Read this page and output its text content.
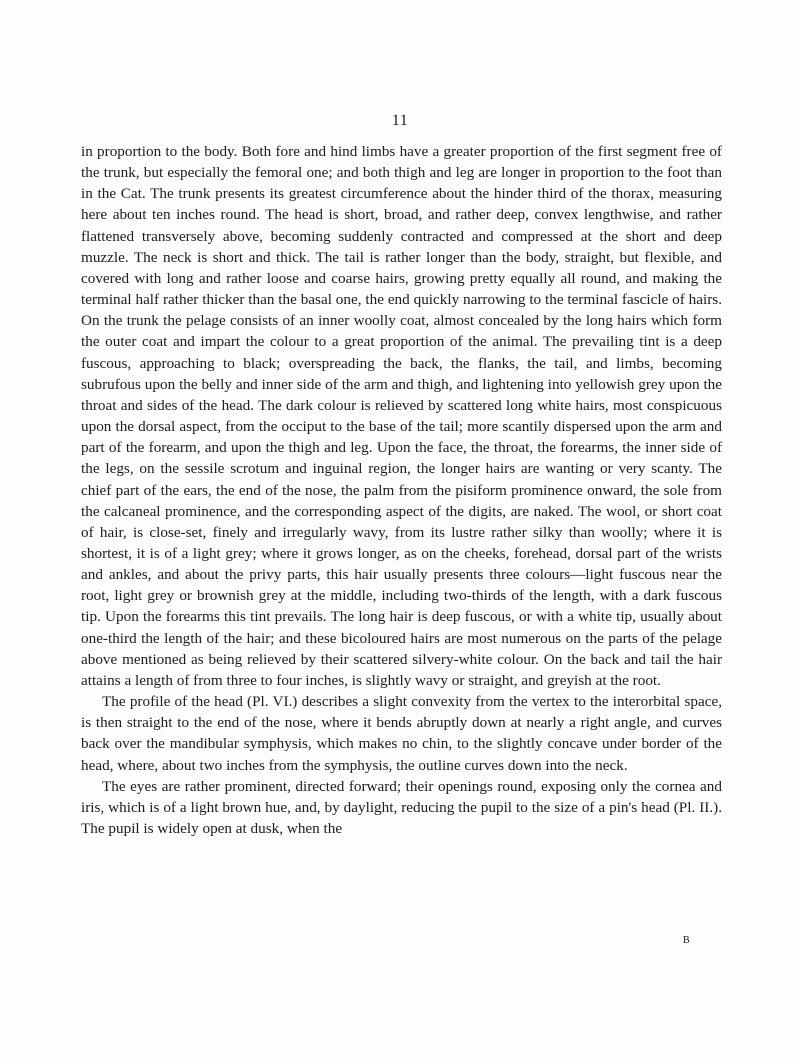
11

in proportion to the body. Both fore and hind limbs have a greater proportion of the first segment free of the trunk, but especially the femoral one; and both thigh and leg are longer in proportion to the foot than in the Cat. The trunk presents its greatest circumference about the hinder third of the thorax, measuring here about ten inches round. The head is short, broad, and rather deep, convex lengthwise, and rather flattened transversely above, becoming suddenly contracted and compressed at the short and deep muzzle. The neck is short and thick. The tail is rather longer than the body, straight, but flexible, and covered with long and rather loose and coarse hairs, growing pretty equally all round, and making the terminal half rather thicker than the basal one, the end quickly narrowing to the terminal fascicle of hairs. On the trunk the pelage consists of an inner woolly coat, almost concealed by the long hairs which form the outer coat and impart the colour to a great proportion of the animal. The prevailing tint is a deep fuscous, approaching to black; overspreading the back, the flanks, the tail, and limbs, becoming subrufous upon the belly and inner side of the arm and thigh, and lightening into yellowish grey upon the throat and sides of the head. The dark colour is relieved by scattered long white hairs, most conspicuous upon the dorsal aspect, from the occiput to the base of the tail; more scantily dispersed upon the arm and part of the forearm, and upon the thigh and leg. Upon the face, the throat, the forearms, the inner side of the legs, on the sessile scrotum and inguinal region, the longer hairs are wanting or very scanty. The chief part of the ears, the end of the nose, the palm from the pisiform prominence onward, the sole from the calcaneal prominence, and the corresponding aspect of the digits, are naked. The wool, or short coat of hair, is close-set, finely and irregularly wavy, from its lustre rather silky than woolly; where it is shortest, it is of a light grey; where it grows longer, as on the cheeks, forehead, dorsal part of the wrists and ankles, and about the privy parts, this hair usually presents three colours—light fuscous near the root, light grey or brownish grey at the middle, including two-thirds of the length, with a dark fuscous tip. Upon the forearms this tint prevails. The long hair is deep fuscous, or with a white tip, usually about one-third the length of the hair; and these bicoloured hairs are most numerous on the parts of the pelage above mentioned as being relieved by their scattered silvery-white colour. On the back and tail the hair attains a length of from three to four inches, is slightly wavy or straight, and greyish at the root.

The profile of the head (Pl. VI.) describes a slight convexity from the vertex to the interorbital space, is then straight to the end of the nose, where it bends abruptly down at nearly a right angle, and curves back over the mandibular symphysis, which makes no chin, to the slightly concave under border of the head, where, about two inches from the symphysis, the outline curves down into the neck.

The eyes are rather prominent, directed forward; their openings round, exposing only the cornea and iris, which is of a light brown hue, and, by daylight, reducing the pupil to the size of a pin's head (Pl. II.). The pupil is widely open at dusk, when the

B
